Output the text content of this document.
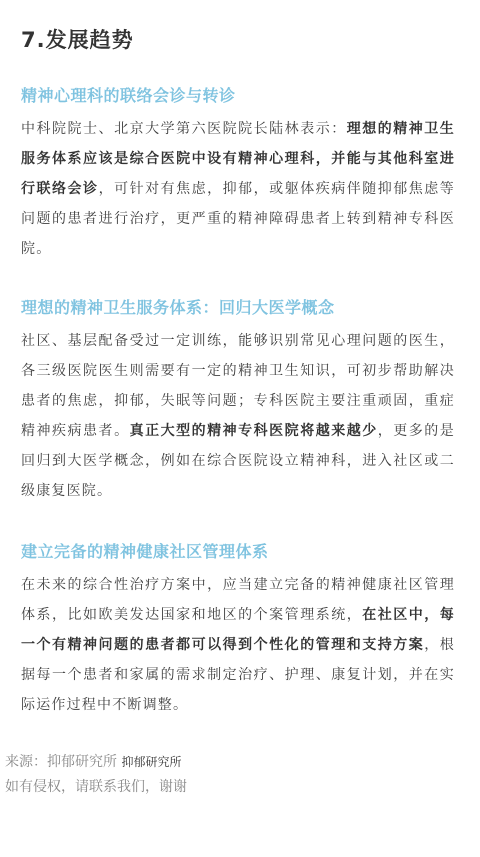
7.发展趋势
精神心理科的联络会诊与转诊

中科院院士、北京大学第六医院院长陆林表示：理想的精神卫生服务体系应该是综合医院中设有精神心理科，并能与其他科室进行联络会诊，可针对有焦虑，抑郁，或躯体疾病伴随抑郁焦虑等问题的患者进行治疗，更严重的精神障碍患者上转到精神专科医院。

理想的精神卫生服务体系：回归大医学概念

社区、基层配备受过一定训练，能够识别常见心理问题的医生，各三级医院医生则需要有一定的精神卫生知识，可初步帮助解决患者的焦虑，抑郁，失眠等问题；专科医院主要注重顽固，重症精神疾病患者。真正大型的精神专科医院将越来越少，更多的是回归到大医学概念，例如在综合医院设立精神科，进入社区或二级康复医院。

建立完备的精神健康社区管理体系

在未来的综合性治疗方案中，应当建立完备的精神健康社区管理体系，比如欧美发达国家和地区的个案管理系统，在社区中，每一个有精神问题的患者都可以得到个性化的管理和支持方案，根据每一个患者和家属的需求制定治疗、护理、康复计划，并在实际运作过程中不断调整。

来源：抑郁研究所 抑郁研究所
如有侵权，请联系我们，谢谢
